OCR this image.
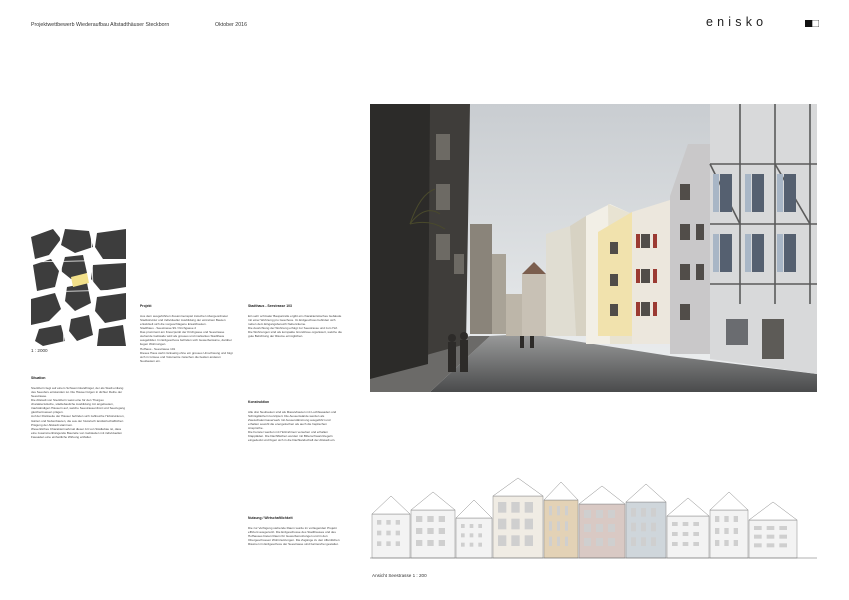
Projektwettbewerb Wiederaufbau Altstadthäuser Steckborn	Oktober 2016	enisko
1 : 2000

Situation

Steckborn liegt auf einem Schwemmlandhügel, der als Stadt entlang des Seeufers entstanden ist. Die Häuser folgen in dichter Reihe der Seestrasse.
Die Altstadt von Steckborn weist eine für den Thurgau charakteristische, städtebauliche Ausbildung mit angebauten, traufständigen Häusern auf, welche Seestrassenfront und Seezugang gleichermassen prägen.
Auf der Rückseite der Häuser befinden sich zahlreiche Hofstrukturen, Gärten und Nebenbauten, die aus der historisch landwirtschaftlichen Prägung der Altstadt stammen.
Wesentliches Charaktermerkmal dieser Art von Städtebau ist, dass eine zusammenhängende Bauzeile von Gebäuden mit individuellen Fassaden eine einheitliche Wirkung entfaltet.

Projekt

Aus dem ausgeführten Zusammenspiel zwischen übergeordneter Stadtstruktur und individueller Ausbildung der einzelnen Bauten entwickelt sich die vorgeschlagene Ersatzbauten.
Stadthaus - Seestrasse 99 / Kirchgasse 2
Das prominent am Kreuzpunkt der Kirchgasse und Seestrasse stehende Gebäude wird als grosses und markantes Stadthaus ausgebildet. Im Erdgeschoss befinden sich Gewerberäume, darüber liegen Wohnungen.
Hofhaus - Seestrasse 101
Dieses Haus steht rückseitig ohne ein grosses Umschwung und folgt sich in Grösse und Volumetrie zwischen die beiden anderen Neubauten ein.

Stadthaus - Seestrasse 103

Ein sehr schmaler Bauparzelle ergibt ein charakteristisches Gebäude mit einer Wohnung pro Geschoss. Im Erdgeschoss befinden sich neben dem Eingangsbereich Nebenräume.
Die Ausrichtung der Wohnung erfolgt zur Seestrasse und zum Hof. Die Wohnungen sind als kompakte Grundrisse organisiert, welche die gute Belichtung der Räume ermöglichen.

Konstruktion

Alle drei Neubauten sind als Massivbauten mit Lochfassaden und Schrägdächern konzipiert. Die Aussenwände werden als Zweischalenmauerwerk mit Aussendämmung ausgeführt und erhalten sowohl die energetischen als auch die haptischen Ansprüche.
Die Fenster werden mit Holzrahmen versehen und erhalten Klappläden. Die Dachflächen werden mit Biberschwanzziegeln eingedeckt und fügen sich in die Dachlandschaft der Altstadt ein.

Nutzung / Wirtschaftlichkeit

Die zur Verfügung stehende Raum wurde im vorliegenden Projekt effizient ausgenutzt. Die Erdgeschosse des Stadthauses und des Hofhauses bieten Raum für Gewerbenutzungen und in den Obergeschossen Wohnnutzungen. Die Zugänge zu den öffentlichen Räumen im Erdgeschoss der Seestrasse sind barrierefrei gestaltet.

Ansicht Seestrasse 1 : 200
